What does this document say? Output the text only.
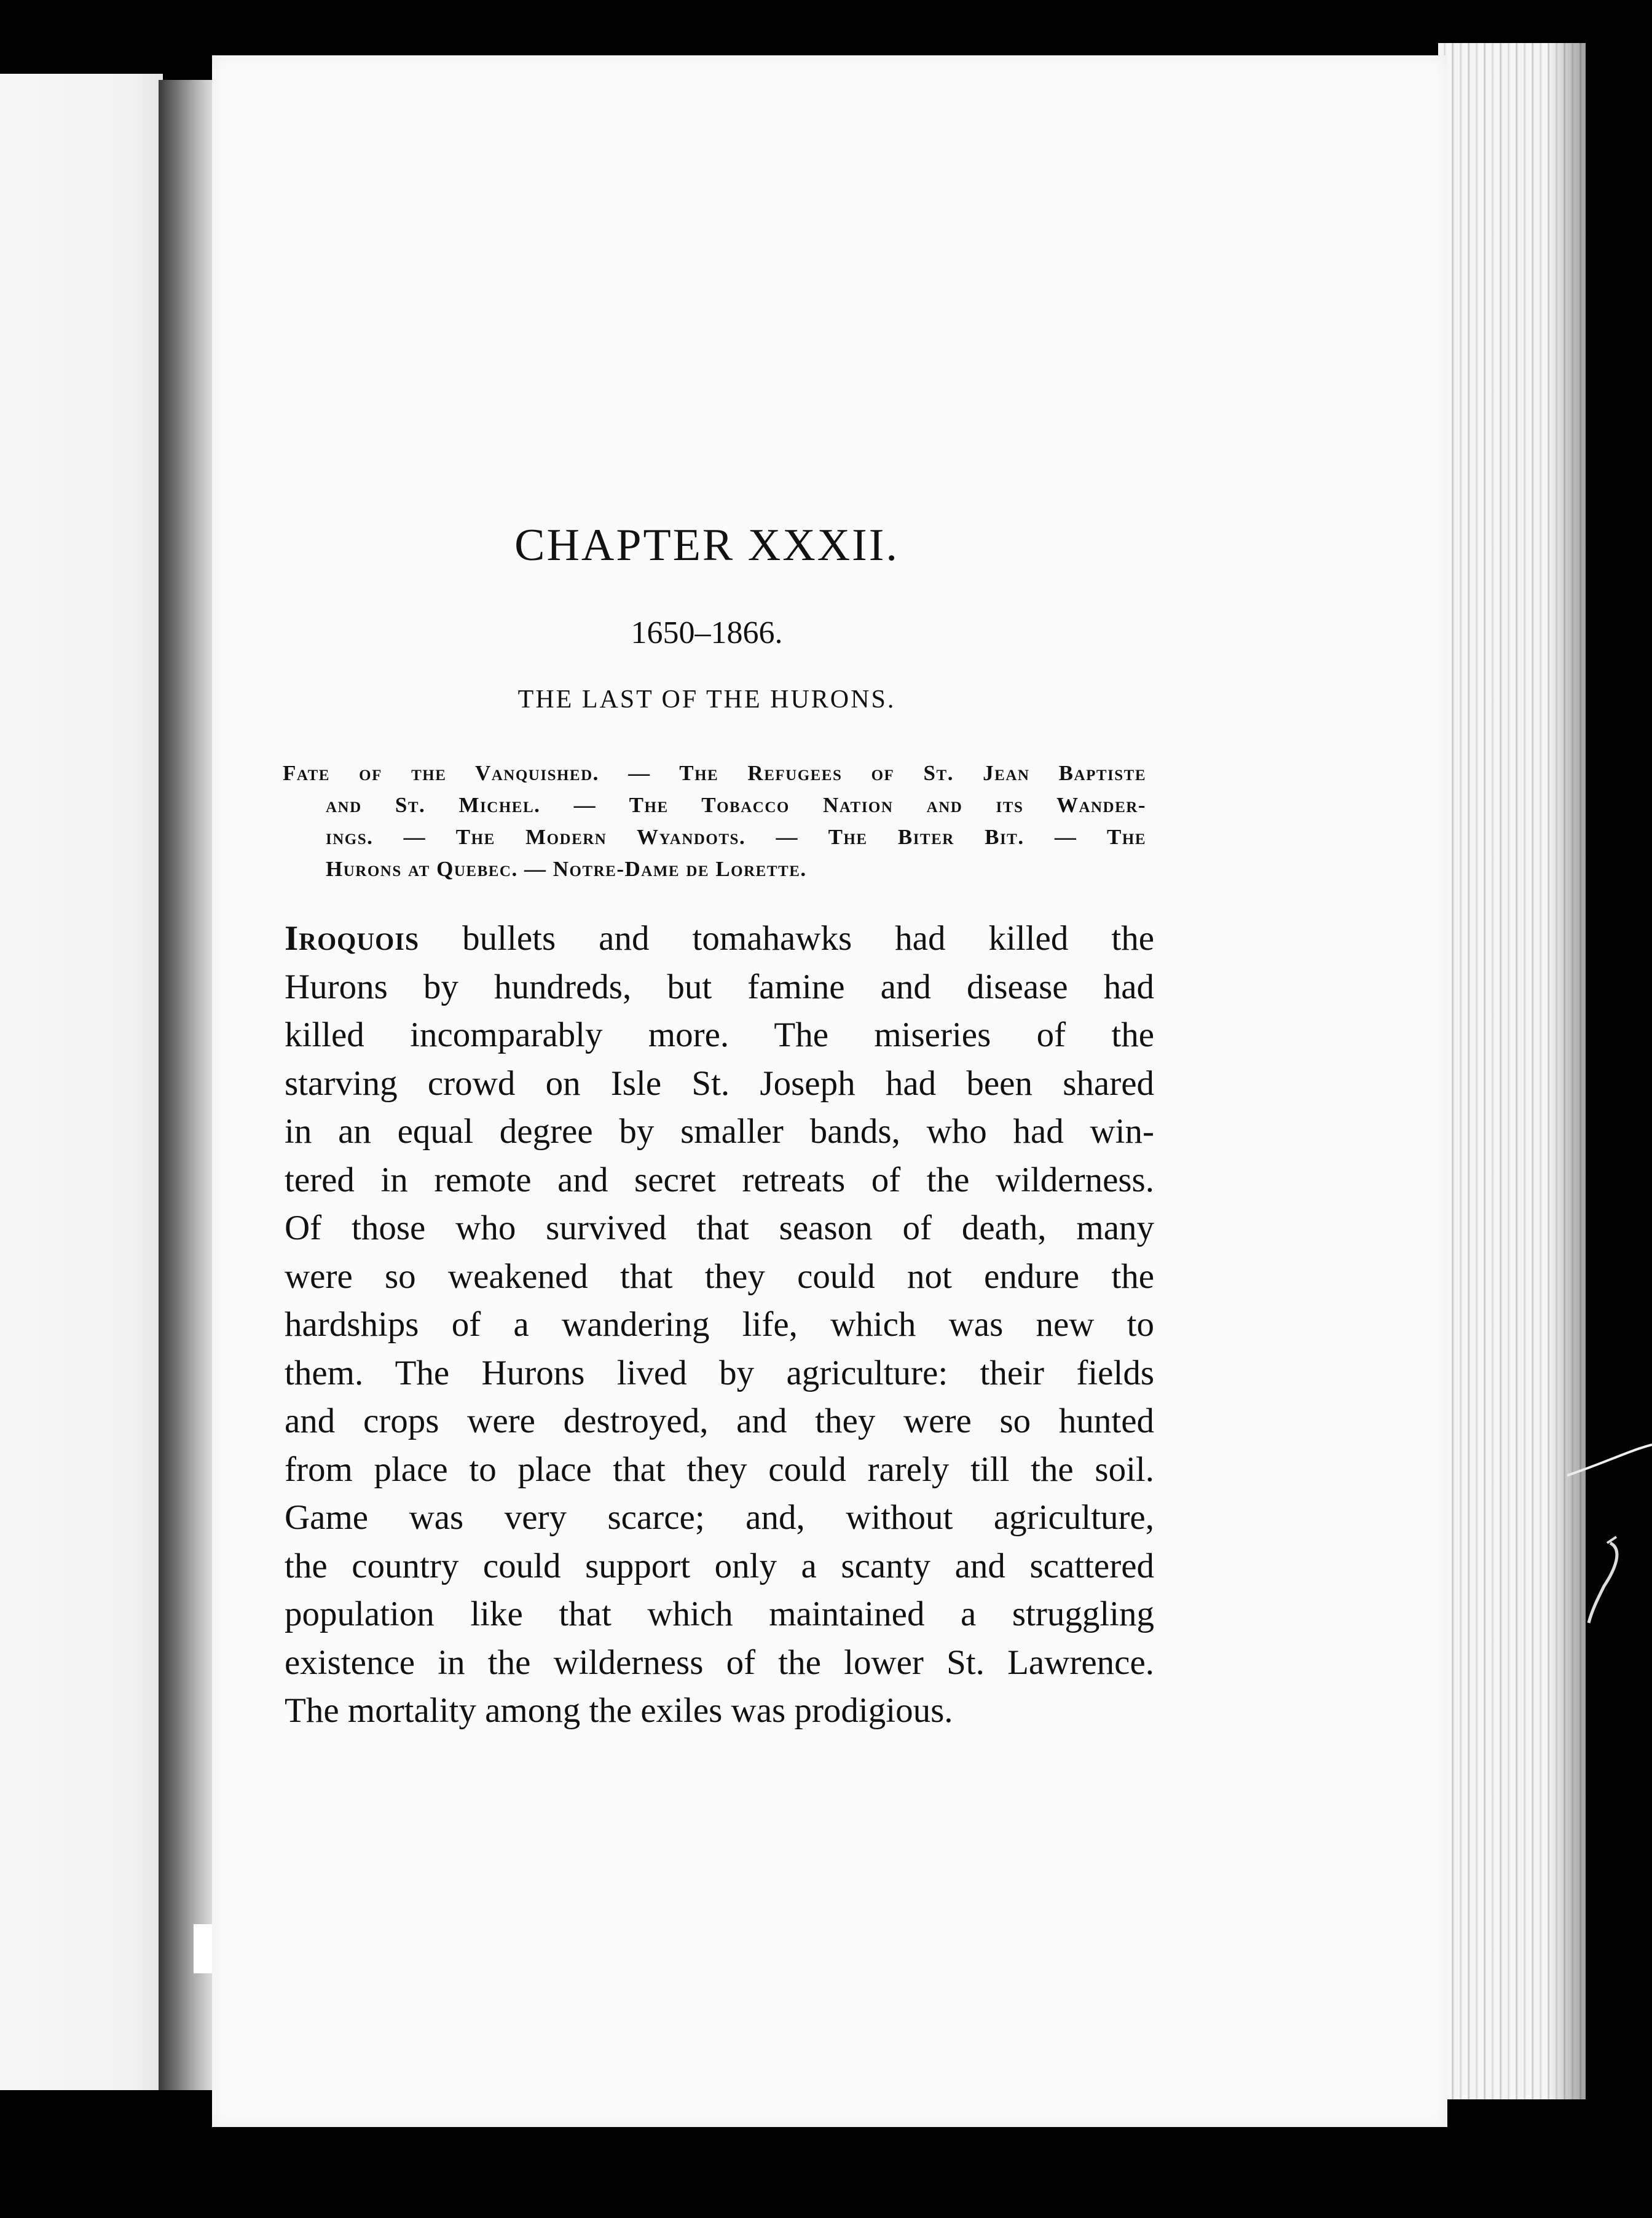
CHAPTER XXXII.
1650–1866.
THE LAST OF THE HURONS.
Fate of the Vanquished. — The Refugees of St. Jean Baptiste
and St. Michel. — The Tobacco Nation and its Wander-
ings. — The Modern Wyandots. — The Biter Bit. — The
Hurons at Quebec. — Notre-Dame de Lorette.
Iroquois bullets and tomahawks had killed the
Hurons by hundreds, but famine and disease had
killed incomparably more. The miseries of the
starving crowd on Isle St. Joseph had been shared
in an equal degree by smaller bands, who had win-
tered in remote and secret retreats of the wilderness.
Of those who survived that season of death, many
were so weakened that they could not endure the
hardships of a wandering life, which was new to
them. The Hurons lived by agriculture: their fields
and crops were destroyed, and they were so hunted
from place to place that they could rarely till the soil.
Game was very scarce; and, without agriculture,
the country could support only a scanty and scattered
population like that which maintained a struggling
existence in the wilderness of the lower St. Lawrence.
The mortality among the exiles was prodigious.
